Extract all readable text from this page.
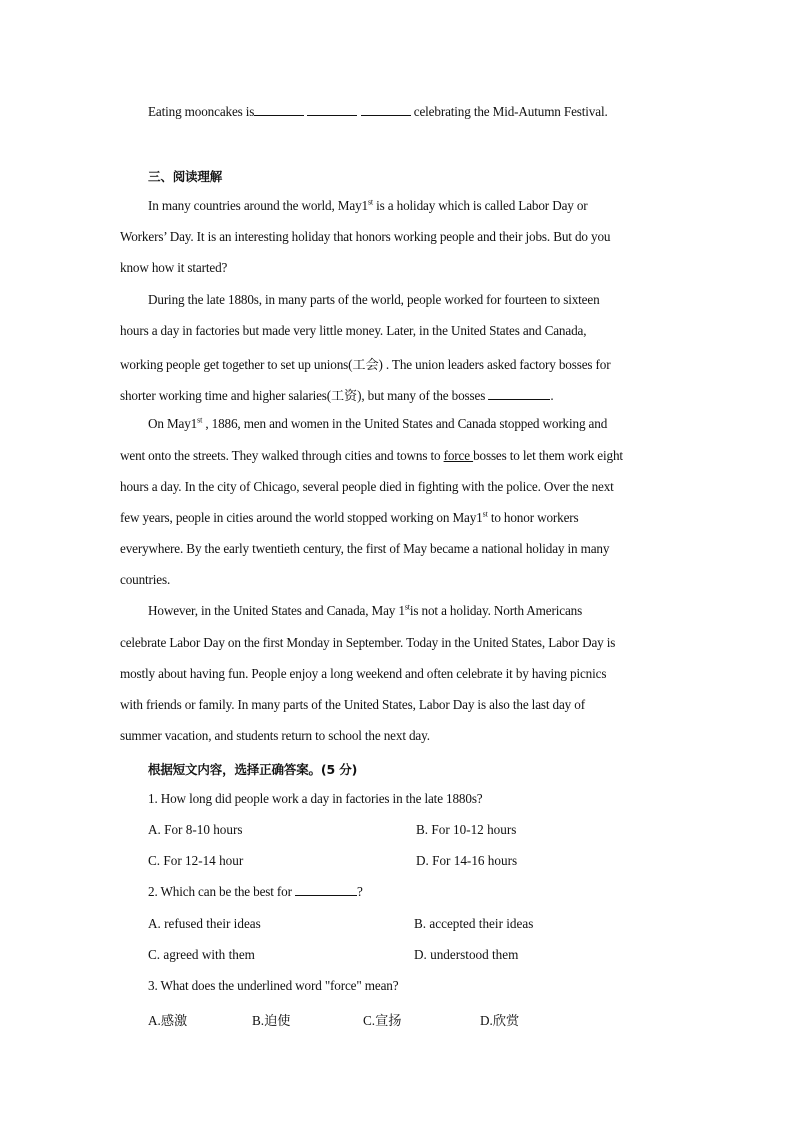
Eating mooncakes is	celebrating the Mid-Autumn Festival.
三、阅读理解
In many countries around the world, May1st is a holiday which is called Labor Day or
Workers’ Day. It is an interesting holiday that honors working people and their jobs. But do you
know how it started?
During the late 1880s, in many parts of the world, people worked for fourteen to sixteen
hours a day in factories but made very little money. Later, in the United States and Canada,
working people get together to set up unions(工会) . The union leaders asked factory bosses for
shorter working time and higher salaries(工资), but many of the bosses	.
On May1st , 1886, men and women in the United States and Canada stopped working and
went onto the streets. They walked through cities and towns to force bosses to let them work eight
hours a day. In the city of Chicago, several people died in fighting with the police. Over the next
few years, people in cities around the world stopped working on May1st to honor workers
everywhere. By the early twentieth century, the first of May became a national holiday in many
countries.
However, in the United States and Canada, May 1stis not a holiday. North Americans
celebrate Labor Day on the first Monday in September. Today in the United States, Labor Day is
mostly about having fun. People enjoy a long weekend and often celebrate it by having picnics
with friends or family. In many parts of the United States, Labor Day is also the last day of
summer vacation, and students return to school the next day.
根据短文内容，选择正确答案。(5 分)
1. How long did people work a day in factories in the late 1880s?
A. For 8-10 hours	B. For 10-12 hours
C. For 12-14 hour	D. For 14-16 hours
2. Which can be the best for	?
A. refused their ideas	B. accepted their ideas
C. agreed with them	D. understood them
3. What does the underlined word "force" mean?
A.感激	B.迫使	C.宣扬	D.欣赏
